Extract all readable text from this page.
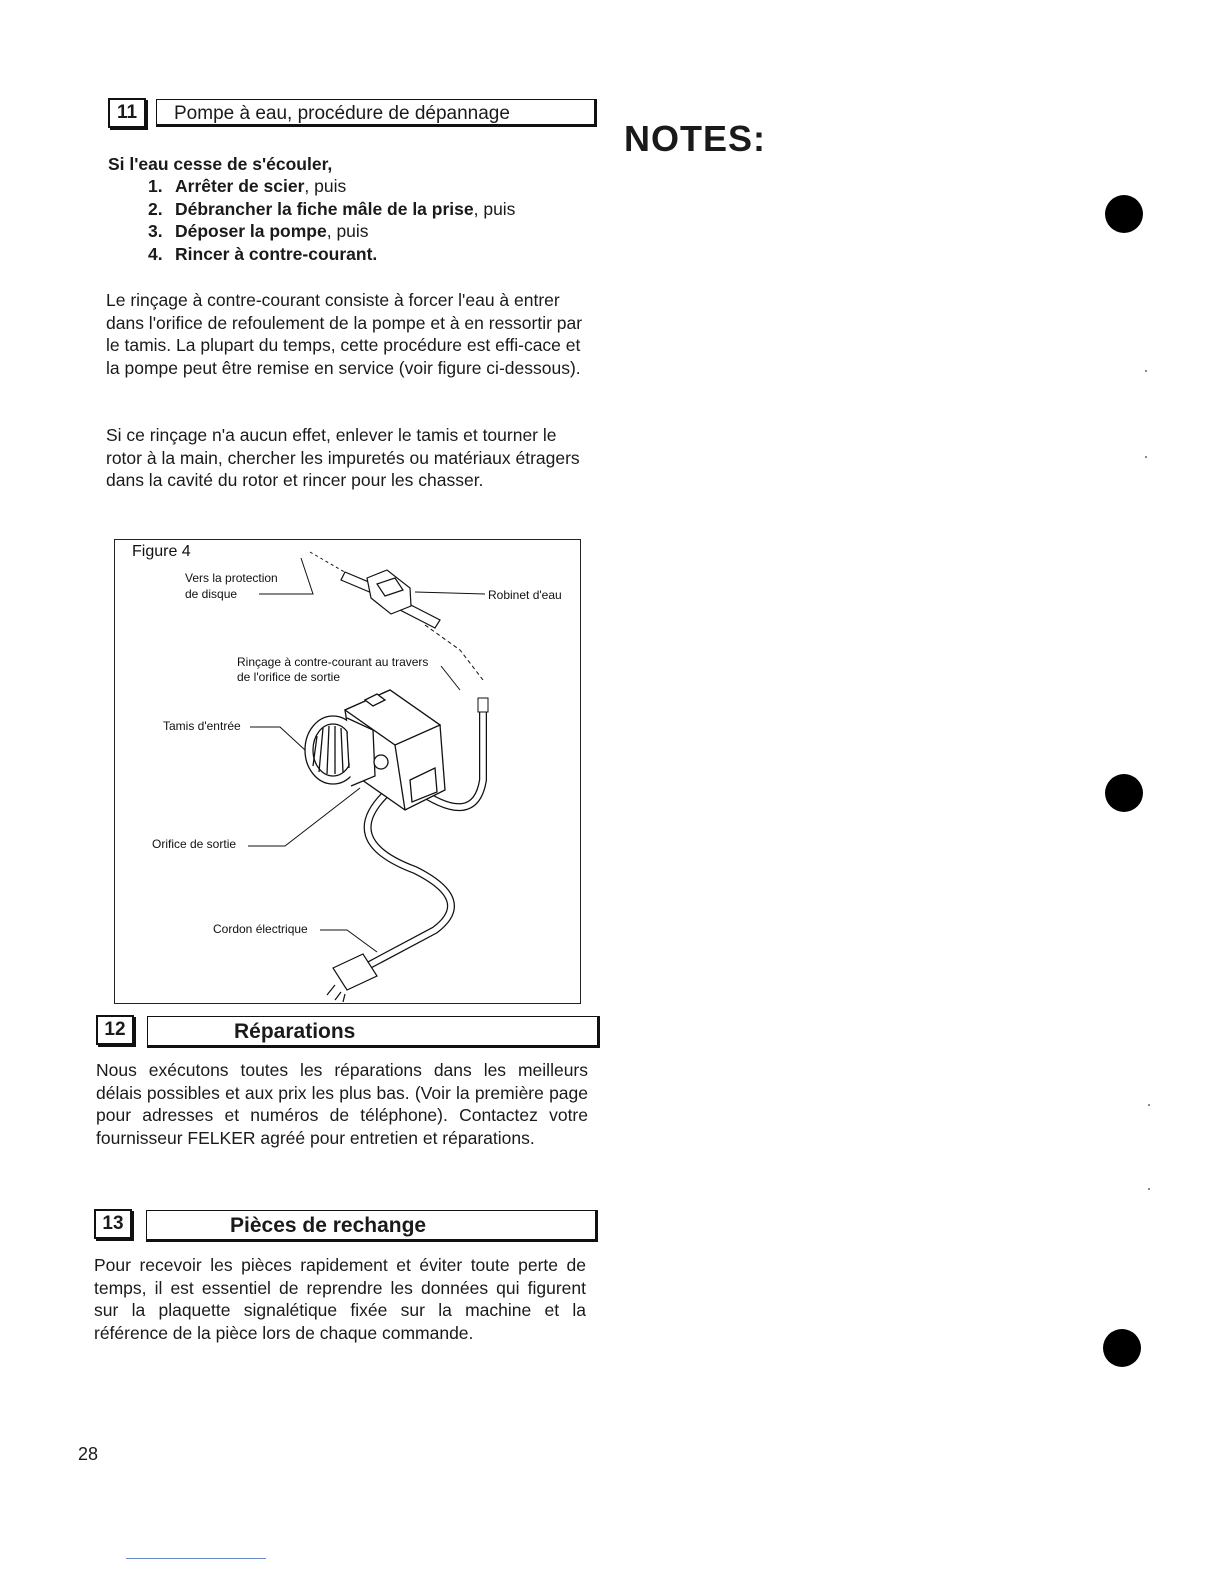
11	Pompe à eau, procédure de dépannage
NOTES:

Si l'eau cesse de s'écouler,

1. Arrêter de scier, puis
2. Débrancher la fiche mâle de la prise, puis
3. Déposer la pompe, puis
4. Rincer à contre-courant.

Le rinçage à contre-courant consiste à forcer l'eau à entrer dans l'orifice de refoulement de la pompe et à en ressortir par le tamis. La plupart du temps, cette procédure est effi-cace et la pompe peut être remise en service (voir figure ci-dessous).

Si ce rinçage n'a aucun effet, enlever le tamis et tourner le rotor à la main, chercher les impuretés ou matériaux étragers dans la cavité du rotor et rincer pour les chasser.

Figure 4
Vers la protection
de disque	Robinet d'eau
Rinçage à contre-courant au travers
de l'orifice de sortie
Tamis d'entrée
Orifice de sortie
Cordon électrique
12	Réparations

Nous exécutons toutes les réparations dans les meilleurs délais possibles et aux prix les plus bas. (Voir la première page pour adresses et numéros de téléphone). Contactez votre fournisseur FELKER agréé pour entretien et réparations.

13	Pièces de rechange

Pour recevoir les pièces rapidement et éviter toute perte de temps, il est essentiel de reprendre les données qui figurent sur la plaquette signalétique fixée sur la machine et la référence de la pièce lors de chaque commande.

28
